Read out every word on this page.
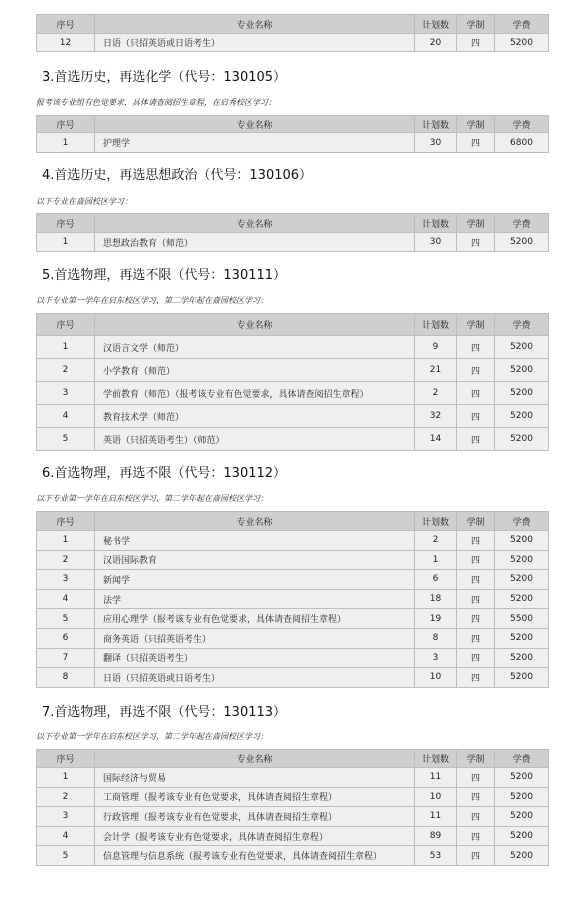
序号	专业名称	计划数	学制	学费
12	日语（只招英语或日语考生）	20	四	5200
3.首选历史，再选化学（代号：130105）
报考该专业组有色觉要求，具体请查阅招生章程，在启秀校区学习：
序号	专业名称	计划数	学制	学费
1	护理学	30	四	6800
4.首选历史，再选思想政治（代号：130106）
以下专业在啬园校区学习：
序号	专业名称	计划数	学制	学费
1	思想政治教育（师范）	30	四	5200
5.首选物理，再选不限（代号：130111）
以下专业第一学年在启东校区学习，第二学年起在啬园校区学习：
序号	专业名称	计划数	学制	学费
1	汉语言文学（师范）	9	四	5200
2	小学教育（师范）	21	四	5200
3	学前教育（师范）（报考该专业有色觉要求，具体请查阅招生章程）	2	四	5200
4	教育技术学（师范）	32	四	5200
5	英语（只招英语考生）（师范）	14	四	5200
6.首选物理，再选不限（代号：130112）
以下专业第一学年在启东校区学习，第二学年起在啬园校区学习：
序号	专业名称	计划数	学制	学费
1	秘书学	2	四	5200
2	汉语国际教育	1	四	5200
3	新闻学	6	四	5200
4	法学	18	四	5200
5	应用心理学（报考该专业有色觉要求，具体请查阅招生章程）	19	四	5500
6	商务英语（只招英语考生）	8	四	5200
7	翻译（只招英语考生）	3	四	5200
8	日语（只招英语或日语考生）	10	四	5200
7.首选物理，再选不限（代号：130113）
以下专业第一学年在启东校区学习，第二学年起在啬园校区学习：
序号	专业名称	计划数	学制	学费
1	国际经济与贸易	11	四	5200
2	工商管理（报考该专业有色觉要求，具体请查阅招生章程）	10	四	5200
3	行政管理（报考该专业有色觉要求，具体请查阅招生章程）	11	四	5200
4	会计学（报考该专业有色觉要求，具体请查阅招生章程）	89	四	5200
5	信息管理与信息系统（报考该专业有色觉要求，具体请查阅招生章程）	53	四	5200
